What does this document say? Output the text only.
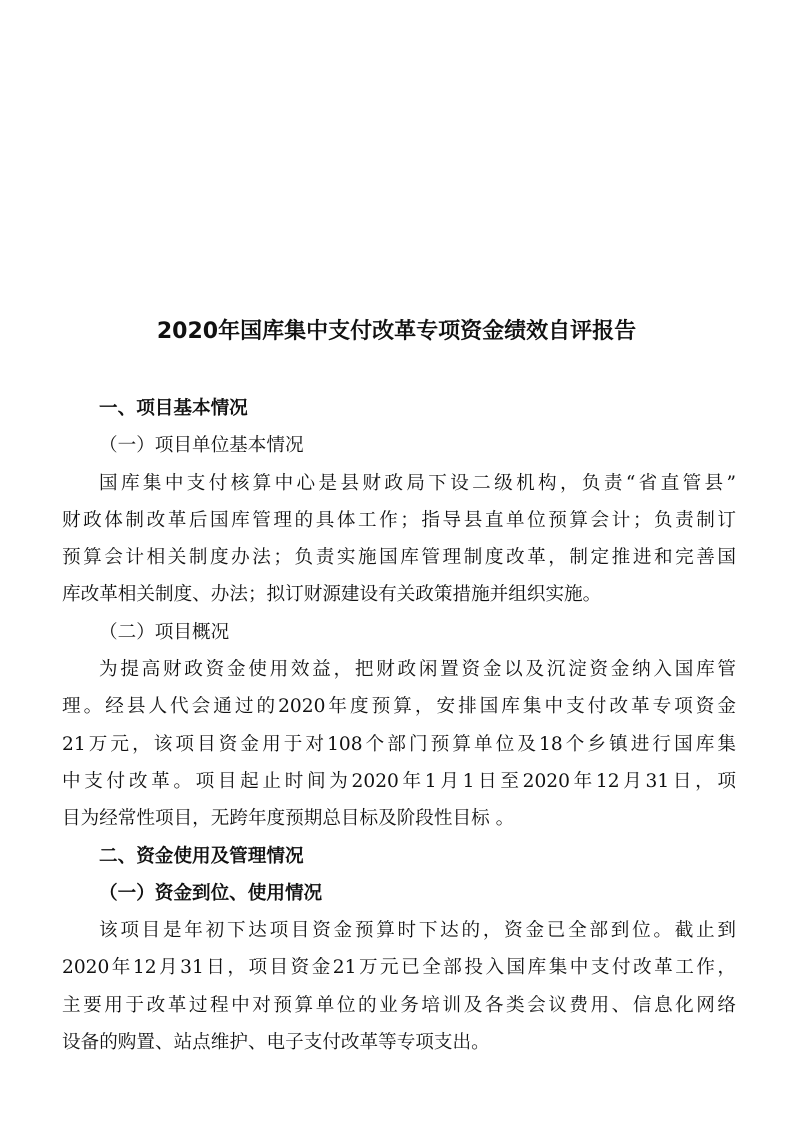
2020年国库集中支付改革专项资金绩效自评报告
一、项目基本情况
（一）项目单位基本情况
国库集中支付核算中心是县财政局下设二级机构，负责“省直管县”
财政体制改革后国库管理的具体工作；指导县直单位预算会计；负责制订
预算会计相关制度办法；负责实施国库管理制度改革，制定推进和完善国
库改革相关制度、办法；拟订财源建设有关政策措施并组织实施。
（二）项目概况
为提高财政资金使用效益，把财政闲置资金以及沉淀资金纳入国库管
理。经县人代会通过的2020年度预算，安排国库集中支付改革专项资金
21万元，该项目资金用于对108个部门预算单位及18个乡镇进行国库集
中支付改革。项目起止时间为2020年1月1日至2020年12月31日，项
目为经常性项目，无跨年度预期总目标及阶段性目标 。
二、资金使用及管理情况
（一）资金到位、使用情况
该项目是年初下达项目资金预算时下达的，资金已全部到位。截止到
2020年12月31日，项目资金21万元已全部投入国库集中支付改革工作，
主要用于改革过程中对预算单位的业务培训及各类会议费用、信息化网络
设备的购置、站点维护、电子支付改革等专项支出。
